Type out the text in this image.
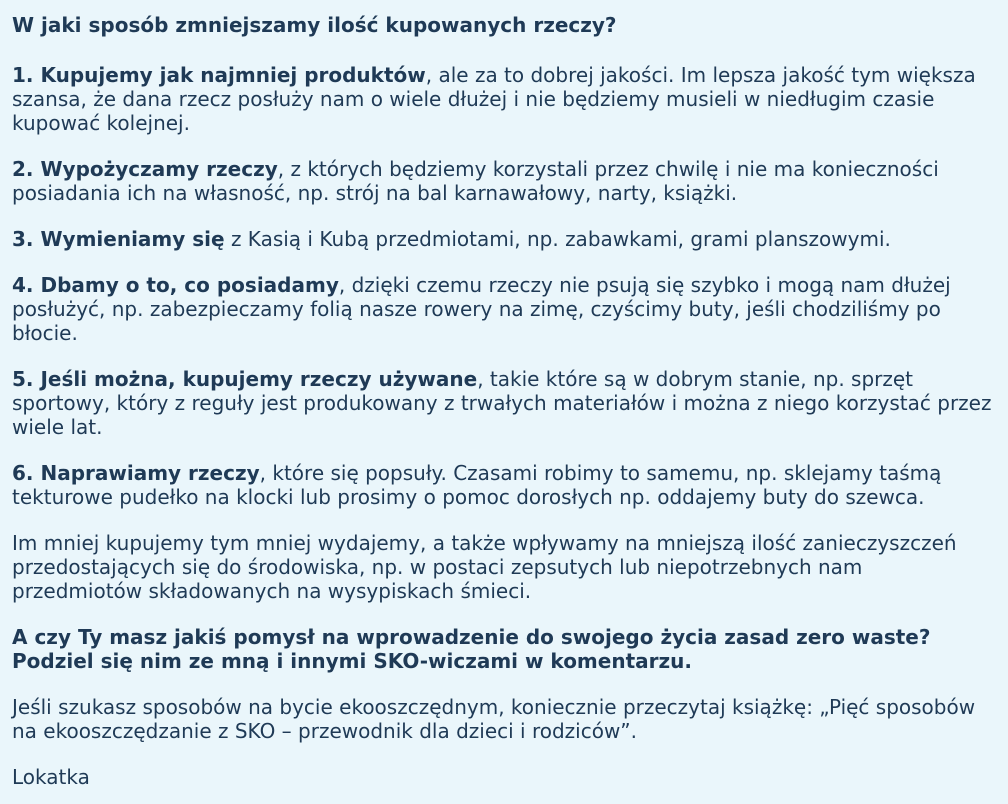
W jaki sposób zmniejszamy ilość kupowanych rzeczy?

1. Kupujemy jak najmniej produktów, ale za to dobrej jakości. Im lepsza jakość tym większa szansa, że dana rzecz posłuży nam o wiele dłużej i nie będziemy musieli w niedługim czasie kupować kolejnej.

2. Wypożyczamy rzeczy, z których będziemy korzystali przez chwilę i nie ma konieczności posiadania ich na własność, np. strój na bal karnawałowy, narty, książki.

3. Wymieniamy się z Kasią i Kubą przedmiotami, np. zabawkami, grami planszowymi.

4. Dbamy o to, co posiadamy, dzięki czemu rzeczy nie psują się szybko i mogą nam dłużej posłużyć, np. zabezpieczamy folią nasze rowery na zimę, czyścimy buty, jeśli chodziliśmy po błocie.

5. Jeśli można, kupujemy rzeczy używane, takie które są w dobrym stanie, np. sprzęt sportowy, który z reguły jest produkowany z trwałych materiałów i można z niego korzystać przez wiele lat.

6. Naprawiamy rzeczy, które się popsuły. Czasami robimy to samemu, np. sklejamy taśmą tekturowe pudełko na klocki lub prosimy o pomoc dorosłych np. oddajemy buty do szewca.

Im mniej kupujemy tym mniej wydajemy, a także wpływamy na mniejszą ilość zanieczyszczeń przedostających się do środowiska, np. w postaci zepsutych lub niepotrzebnych nam przedmiotów składowanych na wysypiskach śmieci.

A czy Ty masz jakiś pomysł na wprowadzenie do swojego życia zasad zero waste? Podziel się nim ze mną i innymi SKO-wiczami w komentarzu.

Jeśli szukasz sposobów na bycie ekooszczędnym, koniecznie przeczytaj książkę: „Pięć sposobów na ekooszczędzanie z SKO – przewodnik dla dzieci i rodziców”.

Lokatka
